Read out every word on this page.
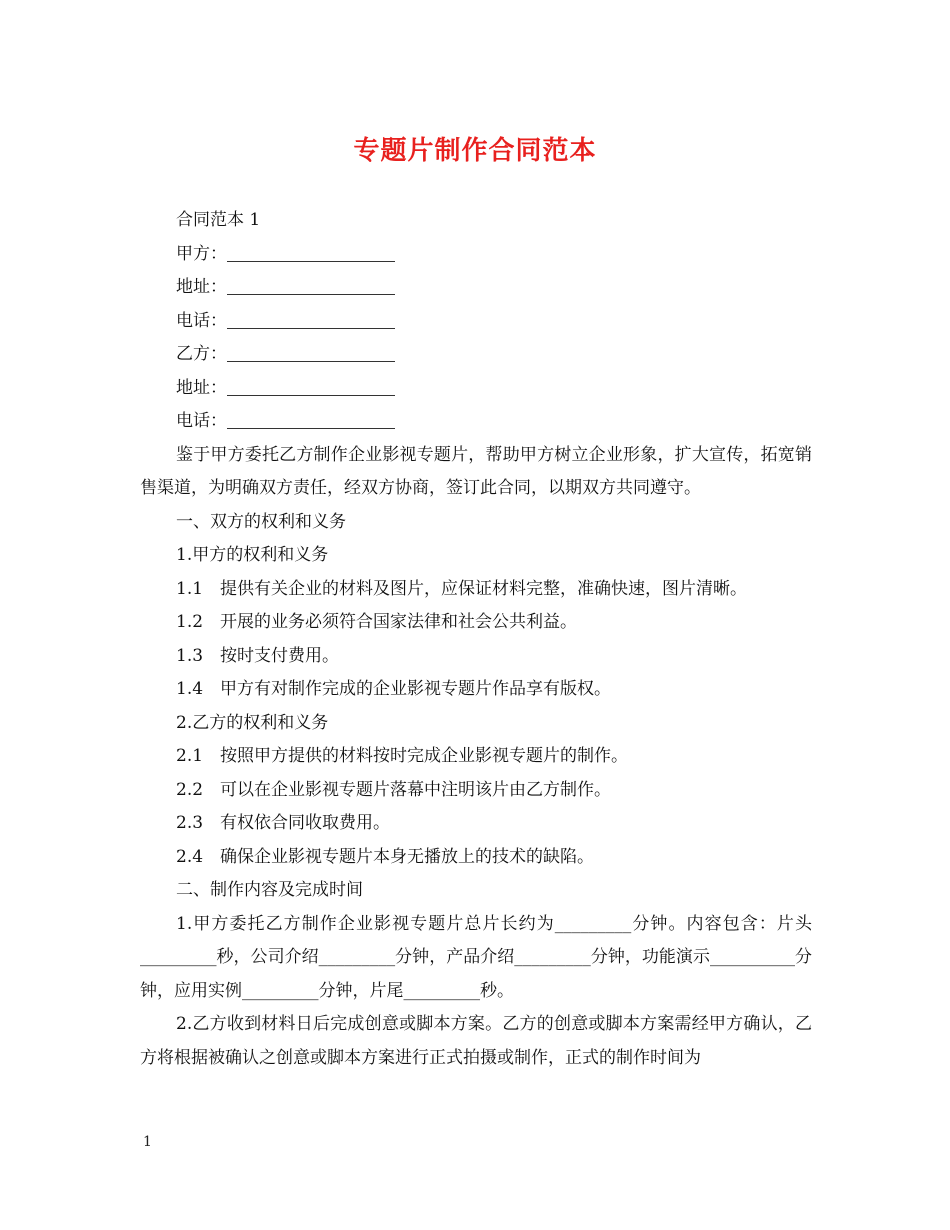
专题片制作合同范本
合同范本 1
甲方：
地址：
电话：
乙方：
地址：
电话：
鉴于甲方委托乙方制作企业影视专题片，帮助甲方树立企业形象，扩大宣传，拓宽销售渠道，为明确双方责任，经双方协商，签订此合同，以期双方共同遵守。
一、双方的权利和义务
1.甲方的权利和义务
1.1　提供有关企业的材料及图片，应保证材料完整，准确快速，图片清晰。
1.2　开展的业务必须符合国家法律和社会公共利益。
1.3　按时支付费用。
1.4　甲方有对制作完成的企业影视专题片作品享有版权。
2.乙方的权利和义务
2.1　按照甲方提供的材料按时完成企业影视专题片的制作。
2.2　可以在企业影视专题片落幕中注明该片由乙方制作。
2.3　有权依合同收取费用。
2.4　确保企业影视专题片本身无播放上的技术的缺陷。
二、制作内容及完成时间
1.甲方委托乙方制作企业影视专题片总片长约为_________分钟。内容包含：片头_________秒，公司介绍_________分钟，产品介绍_________分钟，功能演示__________分钟，应用实例_________分钟，片尾_________秒。
2.乙方收到材料日后完成创意或脚本方案。乙方的创意或脚本方案需经甲方确认，乙方将根据被确认之创意或脚本方案进行正式拍摄或制作，正式的制作时间为
1
